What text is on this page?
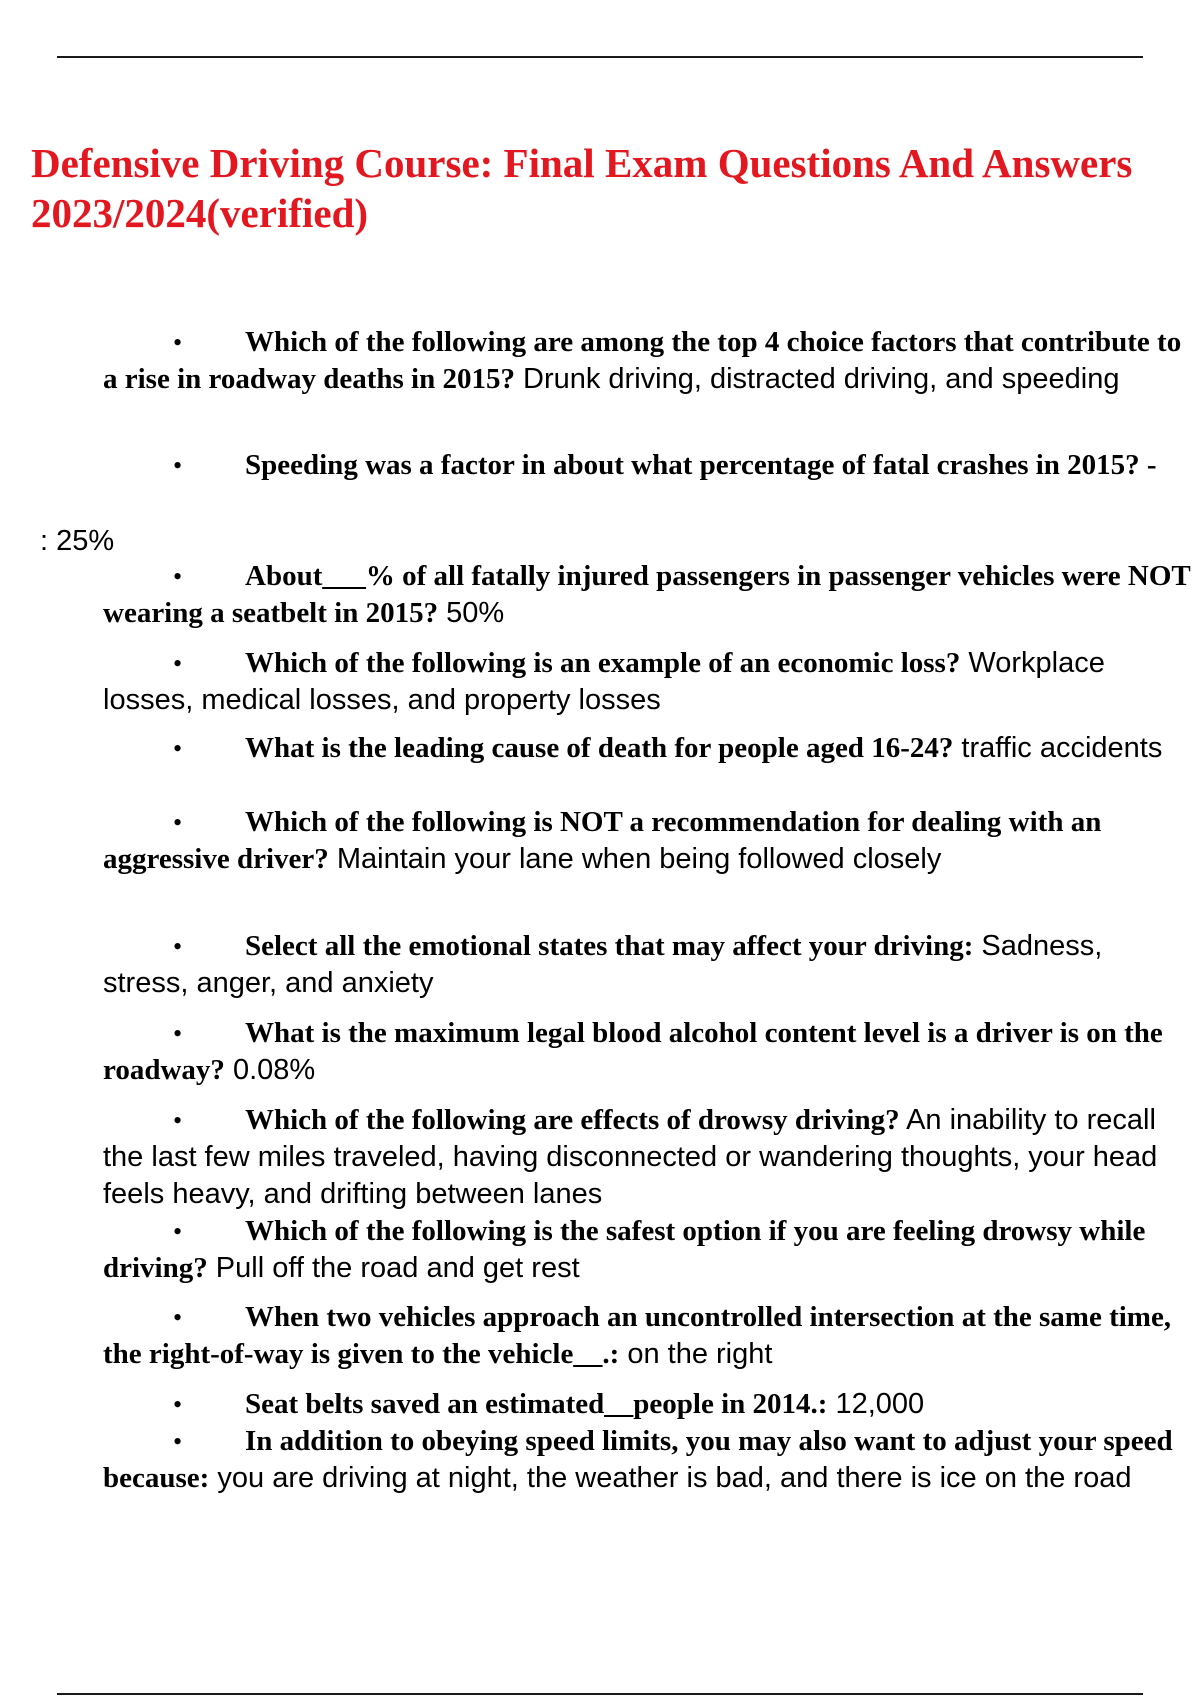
Defensive Driving Course: Final Exam Questions And Answers 2023/2024(verified)
• Which of the following are among the top 4 choice factors that contribute to a rise in roadway deaths in 2015? Drunk driving, distracted driving, and speeding
• Speeding was a factor in about what percentage of fatal crashes in 2015? -
: 25%
• About___% of all fatally injured passengers in passenger vehicles were NOT wearing a seatbelt in 2015? 50%
• Which of the following is an example of an economic loss? Workplace losses, medical losses, and property losses
• What is the leading cause of death for people aged 16-24? traffic accidents
• Which of the following is NOT a recommendation for dealing with an aggressive driver? Maintain your lane when being followed closely
• Select all the emotional states that may affect your driving: Sadness, stress, anger, and anxiety
• What is the maximum legal blood alcohol content level is a driver is on the roadway? 0.08%
• Which of the following are effects of drowsy driving? An inability to recall the last few miles traveled, having disconnected or wandering thoughts, your head feels heavy, and drifting between lanes
• Which of the following is the safest option if you are feeling drowsy while driving? Pull off the road and get rest
• When two vehicles approach an uncontrolled intersection at the same time, the right-of-way is given to the vehicle__.: on the right
• Seat belts saved an estimated__people in 2014.: 12,000
• In addition to obeying speed limits, you may also want to adjust your speed because: you are driving at night, the weather is bad, and there is ice on the road
